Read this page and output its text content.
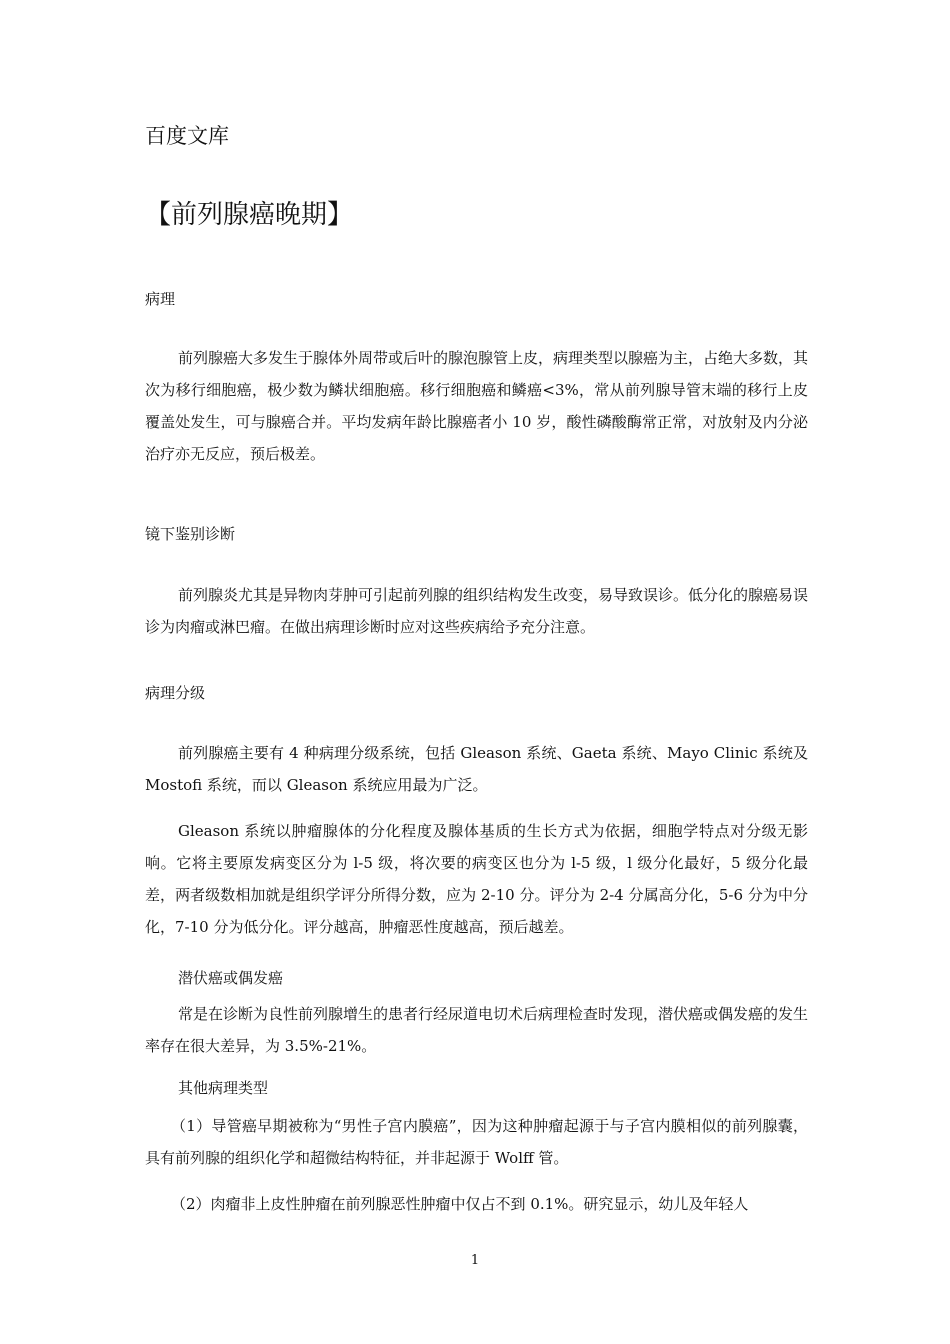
百度文库
【前列腺癌晚期】
病理
前列腺癌大多发生于腺体外周带或后叶的腺泡腺管上皮，病理类型以腺癌为主，占绝大多数，其次为移行细胞癌，极少数为鳞状细胞癌。移行细胞癌和鳞癌<3%，常从前列腺导管末端的移行上皮覆盖处发生，可与腺癌合并。平均发病年龄比腺癌者小 10 岁，酸性磷酸酶常正常，对放射及内分泌治疗亦无反应，预后极差。
镜下鉴别诊断
前列腺炎尤其是异物肉芽肿可引起前列腺的组织结构发生改变，易导致误诊。低分化的腺癌易误诊为肉瘤或淋巴瘤。在做出病理诊断时应对这些疾病给予充分注意。
病理分级
前列腺癌主要有 4 种病理分级系统，包括 Gleason 系统、Gaeta 系统、Mayo Clinic 系统及 Mostofi 系统，而以 Gleason 系统应用最为广泛。
Gleason 系统以肿瘤腺体的分化程度及腺体基质的生长方式为依据，细胞学特点对分级无影响。它将主要原发病变区分为 l-5 级，将次要的病变区也分为 l-5 级，l 级分化最好，5 级分化最差，两者级数相加就是组织学评分所得分数，应为 2-10 分。评分为 2-4 分属高分化，5-6 分为中分化，7-10 分为低分化。评分越高，肿瘤恶性度越高，预后越差。
潜伏癌或偶发癌
常是在诊断为良性前列腺增生的患者行经尿道电切术后病理检查时发现，潜伏癌或偶发癌的发生率存在很大差异，为 3.5%-21%。
其他病理类型
（1）导管癌早期被称为“男性子宫内膜癌”，因为这种肿瘤起源于与子宫内膜相似的前列腺囊，具有前列腺的组织化学和超微结构特征，并非起源于 Wolff 管。
（2）肉瘤非上皮性肿瘤在前列腺恶性肿瘤中仅占不到 0.1%。研究显示，幼儿及年轻人
1
